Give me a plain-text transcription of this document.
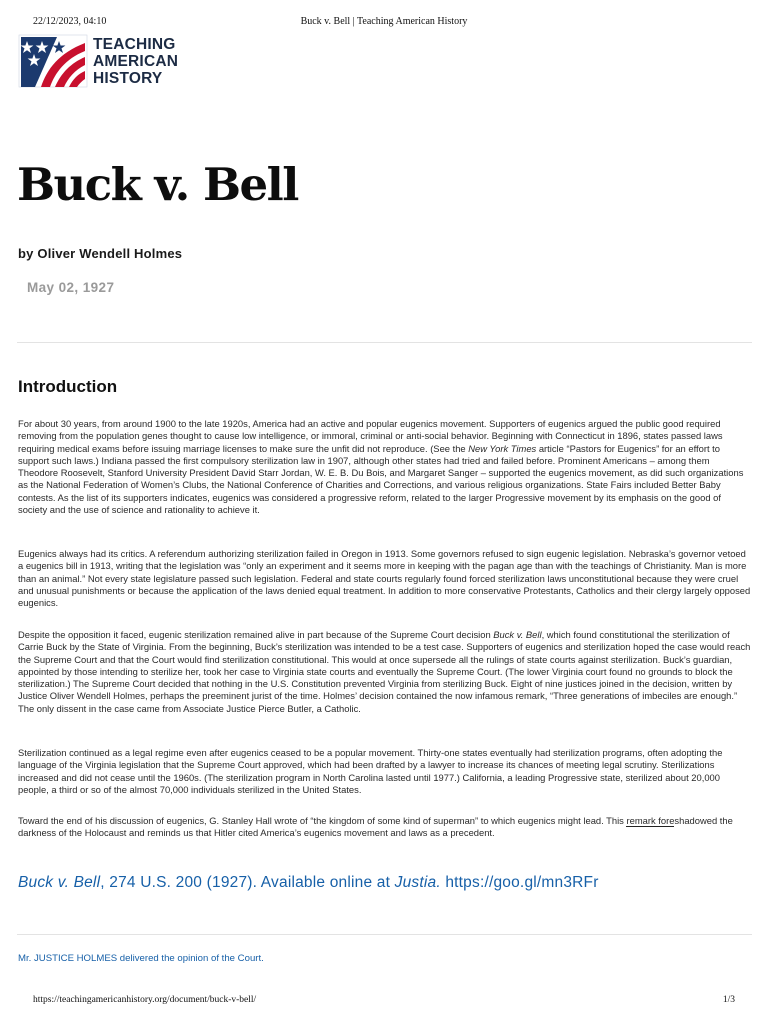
22/12/2023, 04:10	Buck v. Bell | Teaching American History
TEACHING
AMERICAN
HISTORY
Buck v. Bell
by Oliver Wendell Holmes
May 02, 1927
Introduction

For about 30 years, from around 1900 to the late 1920s, America had an active and popular eugenics movement. Supporters of eugenics argued the public good required removing from the population genes thought to cause low intelligence, or immoral, criminal or anti-social behavior. Beginning with Connecticut in 1896, states passed laws requiring medical exams before issuing marriage licenses to make sure the unfit did not reproduce. (See the New York Times article “Pastors for Eugenics” for an effort to support such laws.) Indiana passed the first compulsory sterilization law in 1907, although other states had tried and failed before. Prominent Americans – among them Theodore Roosevelt, Stanford University President David Starr Jordan, W. E. B. Du Bois, and Margaret Sanger – supported the eugenics movement, as did such organizations as the National Federation of Women’s Clubs, the National Conference of Charities and Corrections, and various religious organizations. State Fairs included Better Baby contests. As the list of its supporters indicates, eugenics was considered a progressive reform, related to the larger Progressive movement by its emphasis on the good of society and the use of science and rationality to achieve it.

Eugenics always had its critics. A referendum authorizing sterilization failed in Oregon in 1913. Some governors refused to sign eugenic legislation. Nebraska’s governor vetoed a eugenics bill in 1913, writing that the legislation was “only an experiment and it seems more in keeping with the pagan age than with the teachings of Christianity. Man is more than an animal.” Not every state legislature passed such legislation. Federal and state courts regularly found forced sterilization laws unconstitutional because they were cruel and unusual punishments or because the application of the laws denied equal treatment. In addition to more conservative Protestants, Catholics and their clergy largely opposed eugenics.

Despite the opposition it faced, eugenic sterilization remained alive in part because of the Supreme Court decision Buck v. Bell, which found constitutional the sterilization of Carrie Buck by the State of Virginia. From the beginning, Buck’s sterilization was intended to be a test case. Supporters of eugenics and sterilization hoped the case would reach the Supreme Court and that the Court would find sterilization constitutional. This would at once supersede all the rulings of state courts against sterilization. Buck’s guardian, appointed by those intending to sterilize her, took her case to Virginia state courts and eventually the Supreme Court. (The lower Virginia court found no grounds to block the sterilization.) The Supreme Court decided that nothing in the U.S. Constitution prevented Virginia from sterilizing Buck. Eight of nine justices joined in the decision, written by Justice Oliver Wendell Holmes, perhaps the preeminent jurist of the time. Holmes’ decision contained the now infamous remark, “Three generations of imbeciles are enough.” The only dissent in the case came from Associate Justice Pierce Butler, a Catholic.

Sterilization continued as a legal regime even after eugenics ceased to be a popular movement. Thirty-one states eventually had sterilization programs, often adopting the language of the Virginia legislation that the Supreme Court approved, which had been drafted by a lawyer to increase its chances of meeting legal scrutiny. Sterilizations increased and did not cease until the 1960s. (The sterilization program in North Carolina lasted until 1977.) California, a leading Progressive state, sterilized about 20,000 people, a third or so of the almost 70,000 individuals sterilized in the United States.

Toward the end of his discussion of eugenics, G. Stanley Hall wrote of “the kingdom of some kind of superman” to which eugenics might lead. This remark foreshadowed the darkness of the Holocaust and reminds us that Hitler cited America’s eugenics movement and laws as a precedent.

Buck v. Bell, 274 U.S. 200 (1927). Available online at Justia. https://goo.gl/mn3RFr
Mr. JUSTICE HOLMES delivered the opinion of the Court.
https://teachingamericanhistory.org/document/buck-v-bell/	1/3
